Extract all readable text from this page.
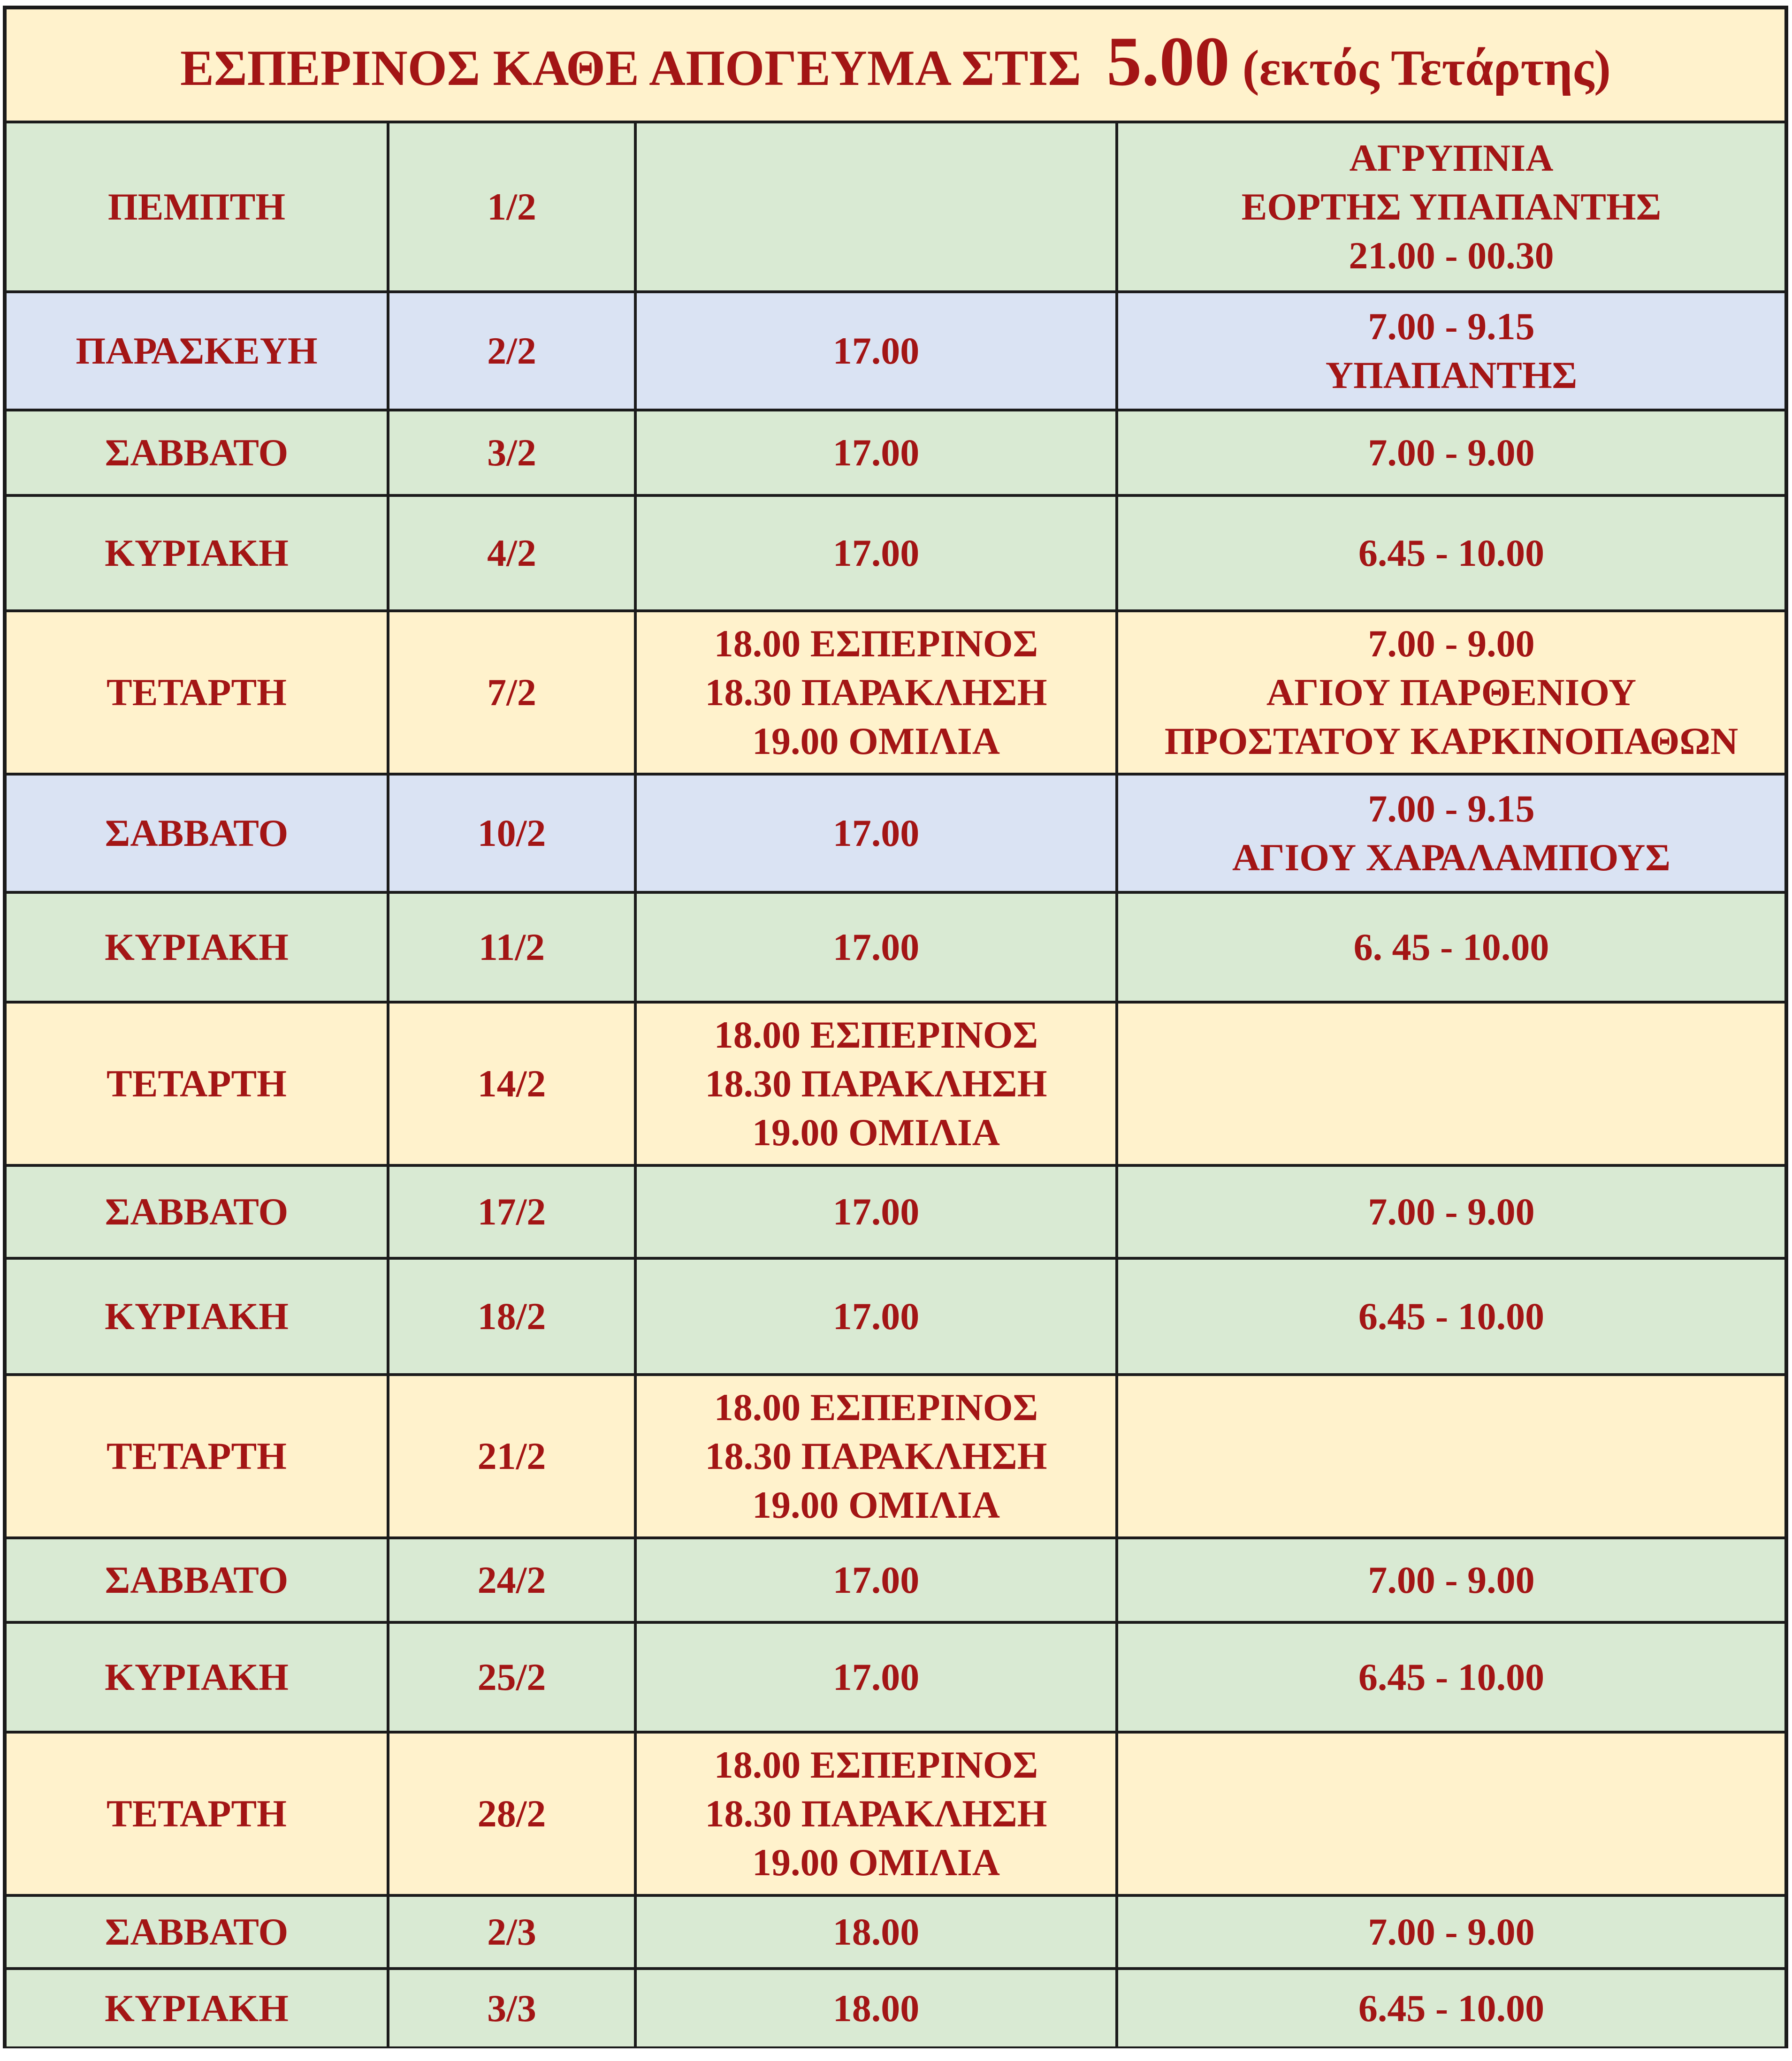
ΕΣΠΕΡΙΝΟΣ ΚΑΘΕ ΑΠΟΓΕΥΜΑ ΣΤΙΣ 5.00 (εκτός Τετάρτης)			
ΠΕΜΠΤΗ	1/2		ΑΓΡΥΠΝΙΑ
ΕΟΡΤΗΣ ΥΠΑΠΑΝΤΗΣ
21.00 - 00.30

ΠΑΡΑΣΚΕΥΗ	2/2	17.00	7.00 - 9.15
ΥΠΑΠΑΝΤΗΣ

ΣΑΒΒΑΤΟ	3/2	17.00	7.00 - 9.00

ΚΥΡΙΑΚΗ	4/2	17.00	6.45 - 10.00

ΤΕΤΑΡΤΗ	7/2	18.00 ΕΣΠΕΡΙΝΟΣ
18.30 ΠΑΡΑΚΛΗΣΗ
19.00 ΟΜΙΛΙΑ	7.00 - 9.00
ΑΓΙΟΥ ΠΑΡΘΕΝΙΟΥ
ΠΡΟΣΤΑΤΟΥ ΚΑΡΚΙΝΟΠΑΘΩΝ

ΣΑΒΒΑΤΟ	10/2	17.00	7.00 - 9.15
ΑΓΙΟΥ ΧΑΡΑΛΑΜΠΟΥΣ

ΚΥΡΙΑΚΗ	11/2	17.00	6. 45 - 10.00

ΤΕΤΑΡΤΗ	14/2	18.00 ΕΣΠΕΡΙΝΟΣ
18.30 ΠΑΡΑΚΛΗΣΗ
19.00 ΟΜΙΛΙΑ	

ΣΑΒΒΑΤΟ	17/2	17.00	7.00 - 9.00

ΚΥΡΙΑΚΗ	18/2	17.00	6.45 - 10.00

ΤΕΤΑΡΤΗ	21/2	18.00 ΕΣΠΕΡΙΝΟΣ
18.30 ΠΑΡΑΚΛΗΣΗ
19.00 ΟΜΙΛΙΑ	

ΣΑΒΒΑΤΟ	24/2	17.00	7.00 - 9.00

ΚΥΡΙΑΚΗ	25/2	17.00	6.45 - 10.00

ΤΕΤΑΡΤΗ	28/2	18.00 ΕΣΠΕΡΙΝΟΣ
18.30 ΠΑΡΑΚΛΗΣΗ
19.00 ΟΜΙΛΙΑ	

ΣΑΒΒΑΤΟ	2/3	18.00	7.00 - 9.00

ΚΥΡΙΑΚΗ	3/3	18.00	6.45 - 10.00
